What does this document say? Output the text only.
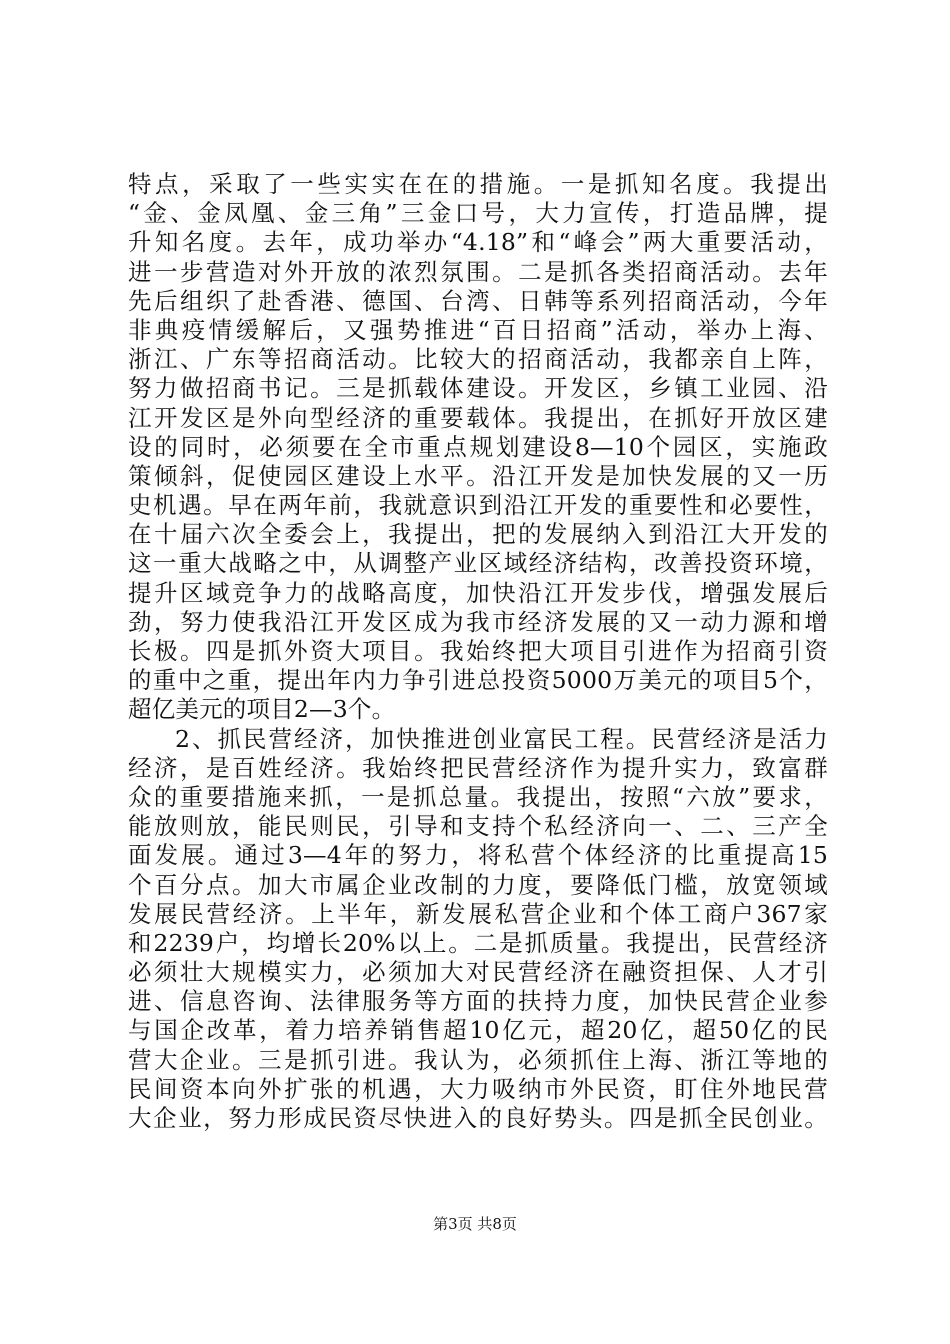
特点，采取了一些实实在在的措施。一是抓知名度。我提出
“金、金凤凰、金三角”三金口号，大力宣传，打造品牌，提
升知名度。去年，成功举办“4.18”和“峰会”两大重要活动，
进一步营造对外开放的浓烈氛围。二是抓各类招商活动。去年
先后组织了赴香港、德国、台湾、日韩等系列招商活动，今年
非典疫情缓解后，又强势推进“百日招商”活动，举办上海、
浙江、广东等招商活动。比较大的招商活动，我都亲自上阵，
努力做招商书记。三是抓载体建设。开发区，乡镇工业园、沿
江开发区是外向型经济的重要载体。我提出，在抓好开放区建
设的同时，必须要在全市重点规划建设8—10个园区，实施政
策倾斜，促使园区建设上水平。沿江开发是加快发展的又一历
史机遇。早在两年前，我就意识到沿江开发的重要性和必要性，
在十届六次全委会上，我提出，把的发展纳入到沿江大开发的
这一重大战略之中，从调整产业区域经济结构，改善投资环境，
提升区域竞争力的战略高度，加快沿江开发步伐，增强发展后
劲，努力使我沿江开发区成为我市经济发展的又一动力源和增
长极。四是抓外资大项目。我始终把大项目引进作为招商引资
的重中之重，提出年内力争引进总投资5000万美元的项目5个，
超亿美元的项目2—3个。
2、抓民营经济，加快推进创业富民工程。民营经济是活力
经济，是百姓经济。我始终把民营经济作为提升实力，致富群
众的重要措施来抓，一是抓总量。我提出，按照“六放”要求，
能放则放，能民则民，引导和支持个私经济向一、二、三产全
面发展。通过3—4年的努力，将私营个体经济的比重提高15
个百分点。加大市属企业改制的力度，要降低门槛，放宽领域
发展民营经济。上半年，新发展私营企业和个体工商户367家
和2239户，均增长20%以上。二是抓质量。我提出，民营经济
必须壮大规模实力，必须加大对民营经济在融资担保、人才引
进、信息咨询、法律服务等方面的扶持力度，加快民营企业参
与国企改革，着力培养销售超10亿元，超20亿，超50亿的民
营大企业。三是抓引进。我认为，必须抓住上海、浙江等地的
民间资本向外扩张的机遇，大力吸纳市外民资，盯住外地民营
大企业，努力形成民资尽快进入的良好势头。四是抓全民创业。
第3页 共8页
